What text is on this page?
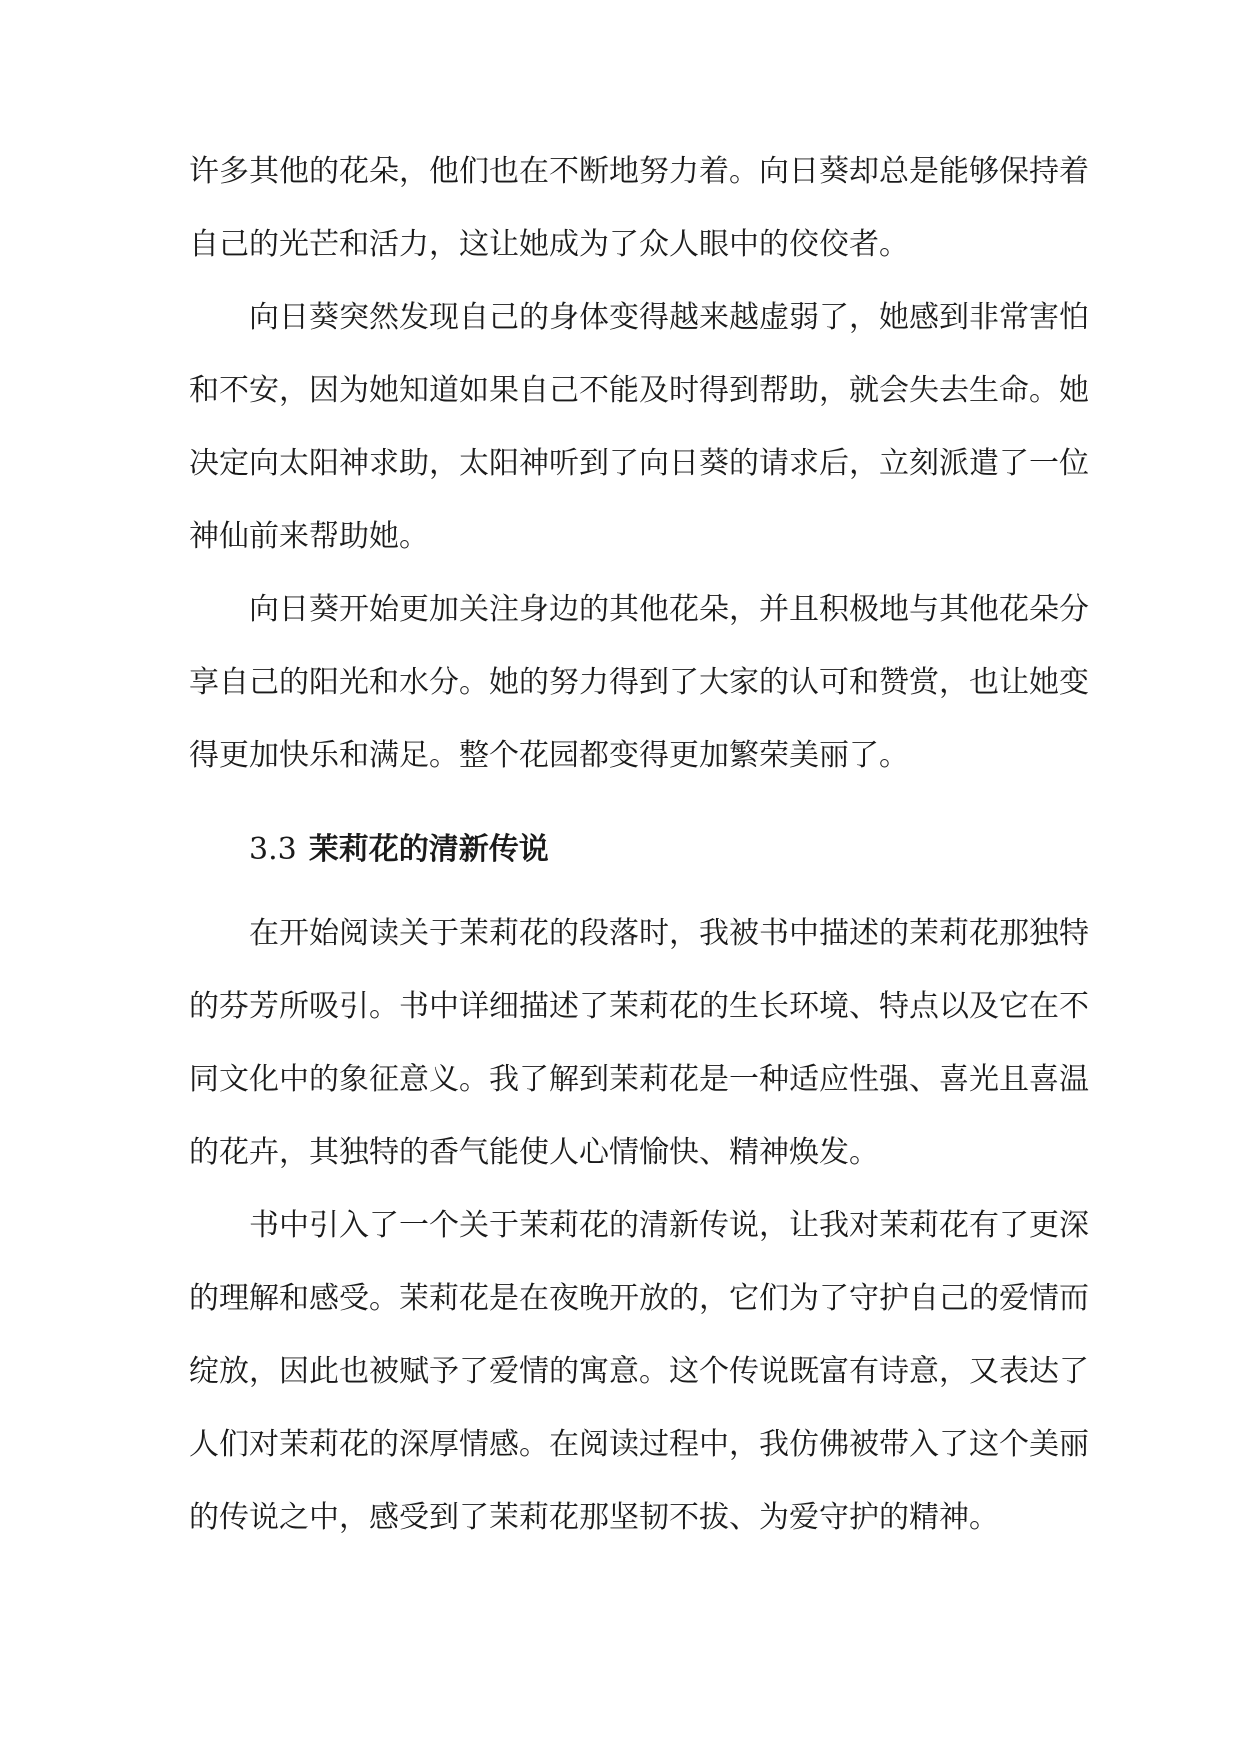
许多其他的花朵，他们也在不断地努力着。向日葵却总是能够保持着
自己的光芒和活力，这让她成为了众人眼中的佼佼者。
向日葵突然发现自己的身体变得越来越虚弱了，她感到非常害怕
和不安，因为她知道如果自己不能及时得到帮助，就会失去生命。她
决定向太阳神求助，太阳神听到了向日葵的请求后，立刻派遣了一位
神仙前来帮助她。
向日葵开始更加关注身边的其他花朵，并且积极地与其他花朵分
享自己的阳光和水分。她的努力得到了大家的认可和赞赏，也让她变
得更加快乐和满足。整个花园都变得更加繁荣美丽了。
3.3 茉莉花的清新传说
在开始阅读关于茉莉花的段落时，我被书中描述的茉莉花那独特
的芬芳所吸引。书中详细描述了茉莉花的生长环境、特点以及它在不
同文化中的象征意义。我了解到茉莉花是一种适应性强、喜光且喜温
的花卉，其独特的香气能使人心情愉快、精神焕发。
书中引入了一个关于茉莉花的清新传说，让我对茉莉花有了更深
的理解和感受。茉莉花是在夜晚开放的，它们为了守护自己的爱情而
绽放，因此也被赋予了爱情的寓意。这个传说既富有诗意，又表达了
人们对茉莉花的深厚情感。在阅读过程中，我仿佛被带入了这个美丽
的传说之中，感受到了茉莉花那坚韧不拔、为爱守护的精神。
